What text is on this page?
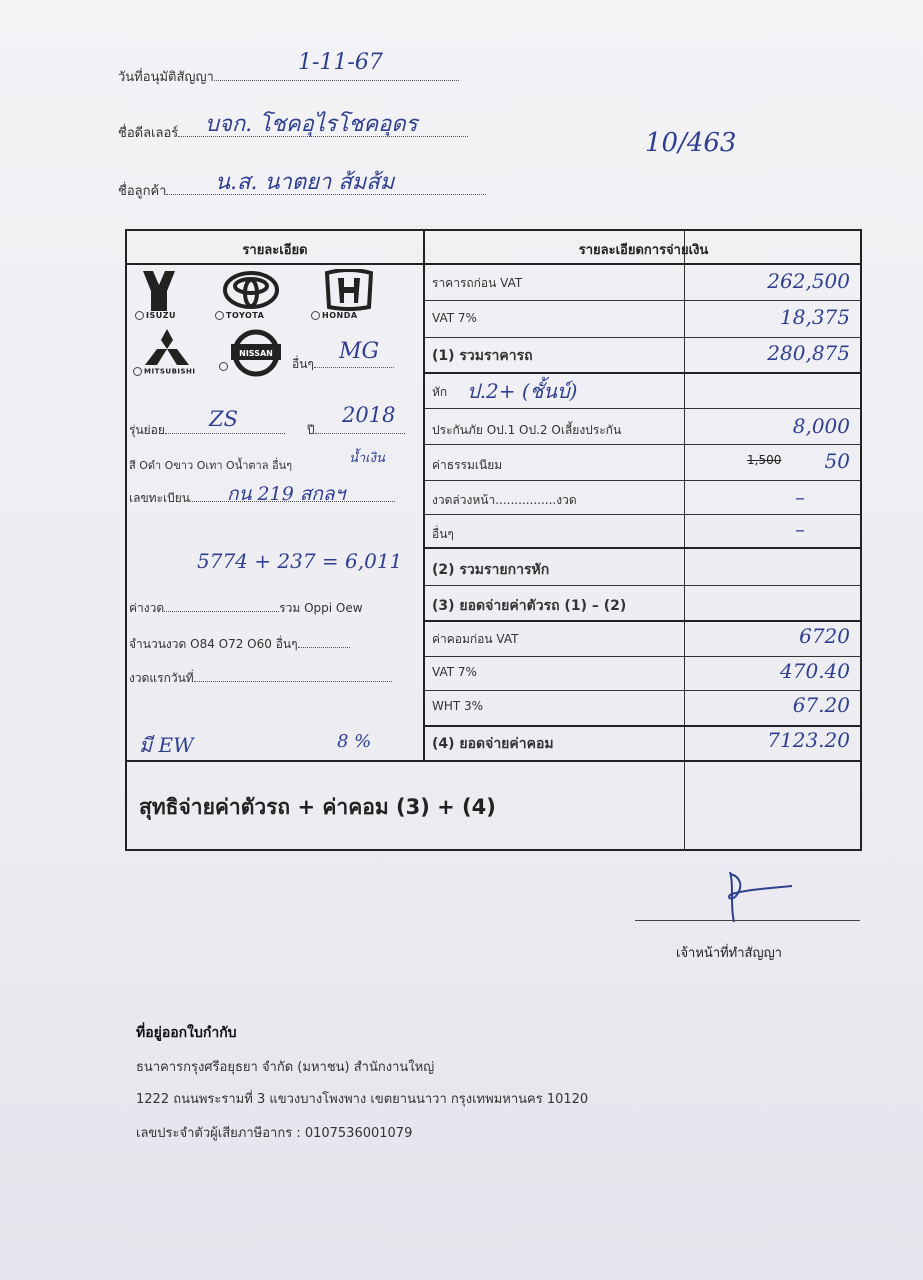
วันที่อนุมัติสัญญา
1-11-67
ชื่อดีลเลอร์	บจก. โชคอุไรโชคอุดร
10/463
ชื่อลูกค้า	น.ส. นาตยา ส้มส้ม
รายละเอียด	รายละเอียดการจ่ายเงิน
ราคารถก่อน VAT	262,500
VAT 7%	18,375
(1) รวมราคารถ	280,875
หัก ป.2+ (ชั้นบ์)
ประกันภัย Oป.1 Oป.2 Oเลี้ยงประกัน	8,000
ค่าธรรมเนียม	1,500 50
งวดล่วงหน้า................งวด	–
อื่นๆ	–
(2) รวมรายการหัก
(3) ยอดจ่ายค่าตัวรถ (1) – (2)
ค่าคอมก่อน VAT	6720
VAT 7%	470.40
WHT 3%	67.20
(4) ยอดจ่ายค่าคอม	7123.20
ISUZU	TOYOTA	HONDA
MITSUBISHI
NISSAN
อื่นๆ	MG
รุ่นย่อย	ZS	ปี
2018
สี Oดำ Oขาว Oเทา Oน้ำตาล อื่นๆ	น้ำเงิน
เลขทะเบียน	กน 219 สกลฯ
5774 + 237 = 6,011
ค่างวด	รวม Oppi Oew
จำนวนงวด O84 O72 O60 อื่นๆ
งวดแรกวันที่
มี EW	8 %
สุทธิจ่ายค่าตัวรถ + ค่าคอม (3) + (4)
เจ้าหน้าที่ทำสัญญา
ที่อยู่ออกใบกำกับ
ธนาคารกรุงศรีอยุธยา จำกัด (มหาชน) สำนักงานใหญ่
1222 ถนนพระรามที่ 3 แขวงบางโพงพาง เขตยานนาวา กรุงเทพมหานคร 10120
เลขประจำตัวผู้เสียภาษีอากร : 0107536001079
